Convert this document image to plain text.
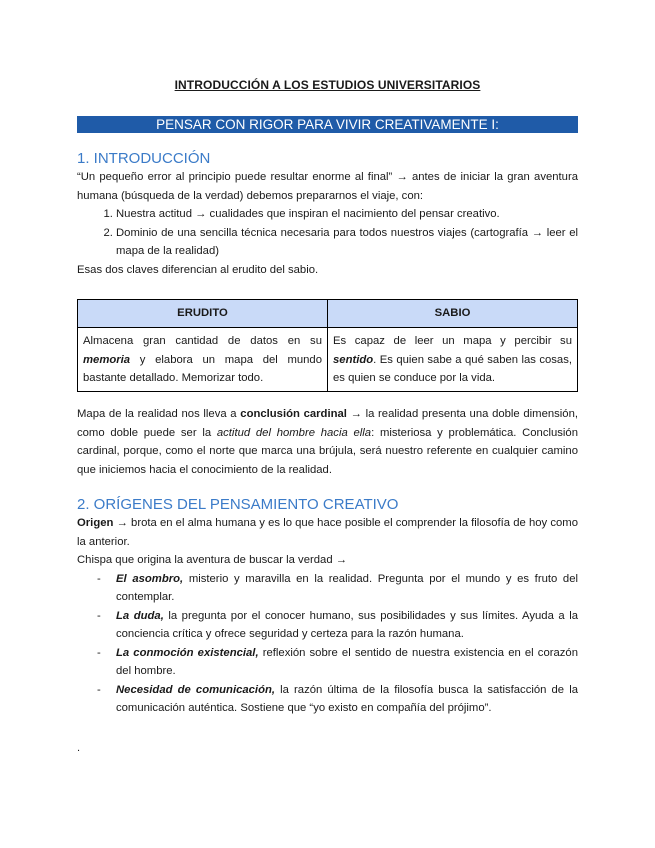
INTRODUCCIÓN A LOS ESTUDIOS UNIVERSITARIOS
PENSAR CON RIGOR PARA VIVIR CREATIVAMENTE I:
1. INTRODUCCIÓN

“Un pequeño error al principio puede resultar enorme al final” → antes de iniciar la gran aventura humana (búsqueda de la verdad) debemos prepararnos el viaje, con:

1. Nuestra actitud → cualidades que inspiran el nacimiento del pensar creativo.
2. Dominio de una sencilla técnica necesaria para todos nuestros viajes (cartografía → leer el mapa de la realidad)

Esas dos claves diferencian al erudito del sabio.

ERUDITO	SABIO
Almacena gran cantidad de datos en su memoria y elabora un mapa del mundo bastante detallado. Memorizar todo.	Es capaz de leer un mapa y percibir su sentido. Es quien sabe a qué saben las cosas, es quien se conduce por la vida.

Mapa de la realidad nos lleva a conclusión cardinal → la realidad presenta una doble dimensión, como doble puede ser la actitud del hombre hacia ella: misteriosa y problemática. Conclusión cardinal, porque, como el norte que marca una brújula, será nuestro referente en cualquier camino que iniciemos hacia el conocimiento de la realidad.

2. ORÍGENES DEL PENSAMIENTO CREATIVO

Origen → brota en el alma humana y es lo que hace posible el comprender la filosofía de hoy como la anterior.

Chispa que origina la aventura de buscar la verdad →

- El asombro, misterio y maravilla en la realidad. Pregunta por el mundo y es fruto del contemplar.
- La duda, la pregunta por el conocer humano, sus posibilidades y sus límites. Ayuda a la conciencia crítica y ofrece seguridad y certeza para la razón humana.
- La conmoción existencial, reflexión sobre el sentido de nuestra existencia en el corazón del hombre.
- Necesidad de comunicación, la razón última de la filosofía busca la satisfacción de la comunicación auténtica. Sostiene que “yo existo en compañía del prójimo”.
.
